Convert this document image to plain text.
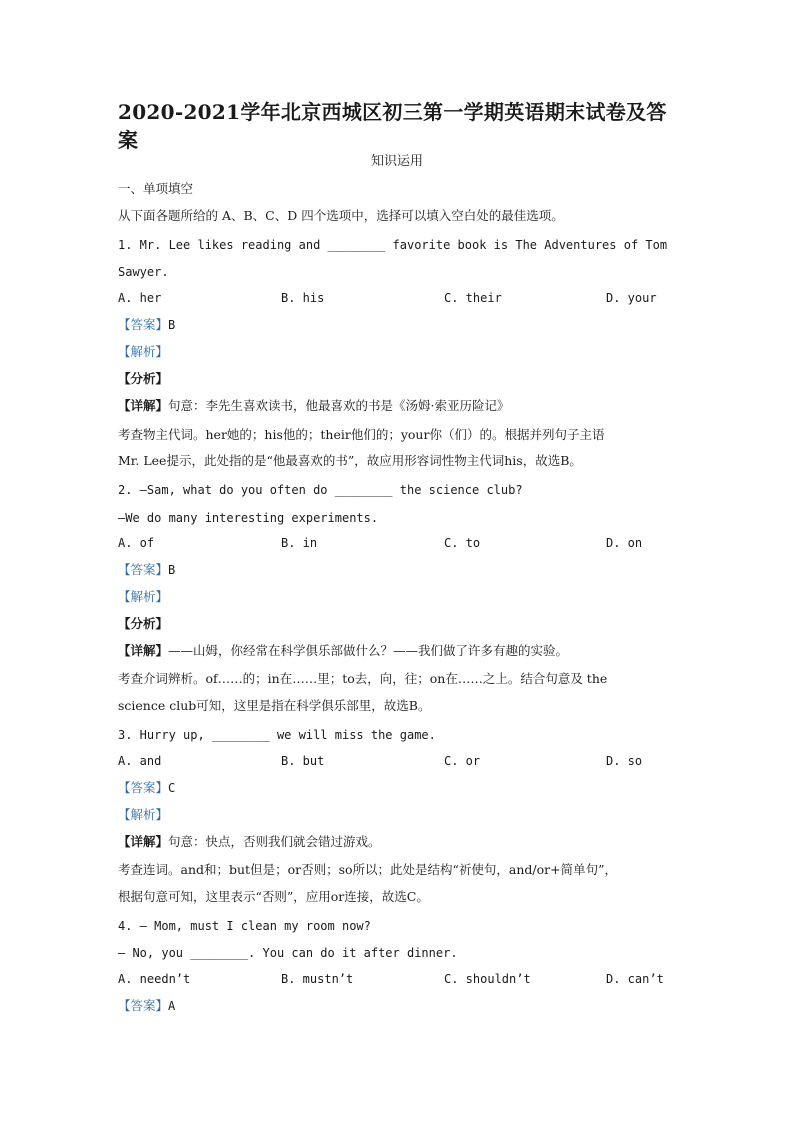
2020-2021学年北京西城区初三第一学期英语期末试卷及答案
知识运用
一、单项填空
从下面各题所给的 A、B、C、D 四个选项中，选择可以填入空白处的最佳选项。
1. Mr. Lee likes reading and ________ favorite book is The Adventures of Tom
Sawyer.
A. her	B. his	C. their	D. your
【答案】B
【解析】
【分析】
【详解】句意：李先生喜欢读书，他最喜欢的书是《汤姆·索亚历险记》
考查物主代词。her她的；his他的；their他们的；your你（们）的。根据并列句子主语
Mr. Lee提示，此处指的是“他最喜欢的书”，故应用形容词性物主代词his，故选B。
2. —Sam, what do you often do ________ the science club?
—We do many interesting experiments.
A. of	B. in	C. to	D. on
【答案】B
【解析】
【分析】
【详解】——山姆，你经常在科学俱乐部做什么？——我们做了许多有趣的实验。
考查介词辨析。of……的；in在……里；to去，向，往；on在……之上。结合句意及 the
science club可知，这里是指在科学俱乐部里，故选B。
3. Hurry up, ________ we will miss the game.
A. and	B. but	C. or	D. so
【答案】C
【解析】
【详解】句意：快点，否则我们就会错过游戏。
考查连词。and和；but但是；or否则；so所以；此处是结构“祈使句，and/or+简单句”，
根据句意可知，这里表示“否则”，应用or连接，故选C。
4. — Mom, must I clean my room now?
— No, you ________. You can do it after dinner.
A. needn’t	B. mustn’t	C. shouldn’t	D. can’t
【答案】A
